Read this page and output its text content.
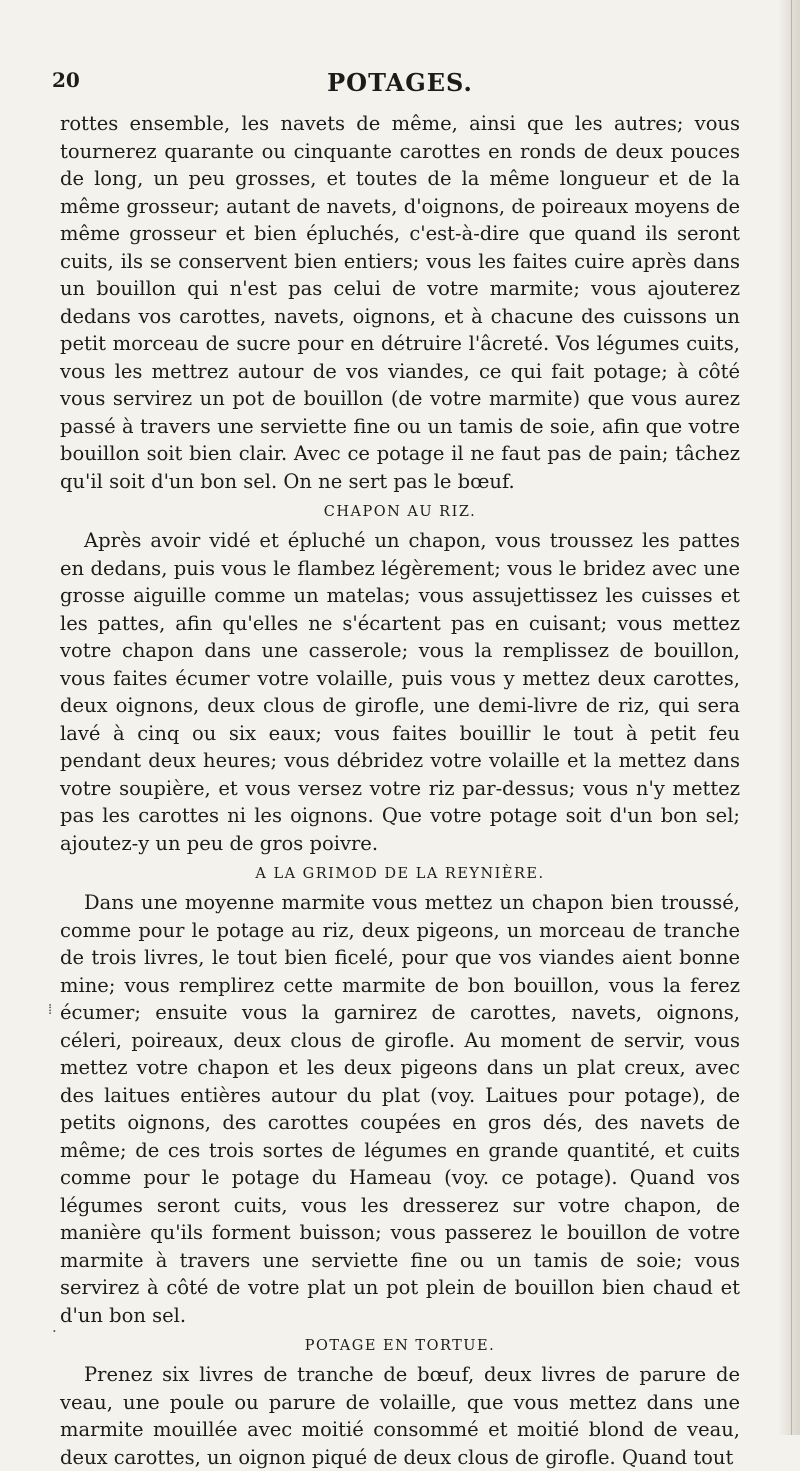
20	POTAGES.

rottes ensemble, les navets de même, ainsi que les autres; vous tournerez quarante ou cinquante carottes en ronds de deux pouces de long, un peu grosses, et toutes de la même longueur et de la même grosseur; autant de navets, d'oignons, de poireaux moyens de même grosseur et bien épluchés, c'est-à-dire que quand ils seront cuits, ils se conservent bien entiers; vous les faites cuire après dans un bouillon qui n'est pas celui de votre marmite; vous ajouterez dedans vos carottes, navets, oignons, et à chacune des cuissons un petit morceau de sucre pour en détruire l'âcreté. Vos légumes cuits, vous les mettrez autour de vos viandes, ce qui fait potage; à côté vous servirez un pot de bouillon (de votre marmite) que vous aurez passé à travers une serviette fine ou un tamis de soie, afin que votre bouillon soit bien clair. Avec ce potage il ne faut pas de pain; tâchez qu'il soit d'un bon sel. On ne sert pas le bœuf.

CHAPON AU RIZ.

Après avoir vidé et épluché un chapon, vous troussez les pattes en dedans, puis vous le flambez légèrement; vous le bridez avec une grosse aiguille comme un matelas; vous assujettissez les cuisses et les pattes, afin qu'elles ne s'écartent pas en cuisant; vous mettez votre chapon dans une casserole; vous la remplissez de bouillon, vous faites écumer votre volaille, puis vous y mettez deux carottes, deux oignons, deux clous de girofle, une demi-livre de riz, qui sera lavé à cinq ou six eaux; vous faites bouillir le tout à petit feu pendant deux heures; vous débridez votre volaille et la mettez dans votre soupière, et vous versez votre riz par-dessus; vous n'y mettez pas les carottes ni les oignons. Que votre potage soit d'un bon sel; ajoutez-y un peu de gros poivre.

A LA GRIMOD DE LA REYNIÈRE.

Dans une moyenne marmite vous mettez un chapon bien troussé, comme pour le potage au riz, deux pigeons, un morceau de tranche de trois livres, le tout bien ficelé, pour que vos viandes aient bonne mine; vous remplirez cette marmite de bon bouillon, vous la ferez écumer; ensuite vous la garnirez de carottes, navets, oignons, céleri, poireaux, deux clous de girofle. Au moment de servir, vous mettez votre chapon et les deux pigeons dans un plat creux, avec des laitues entières autour du plat (voy. Laitues pour potage), de petits oignons, des carottes coupées en gros dés, des navets de même; de ces trois sortes de légumes en grande quantité, et cuits comme pour le potage du Hameau (voy. ce potage). Quand vos légumes seront cuits, vous les dresserez sur votre chapon, de manière qu'ils forment buisson; vous passerez le bouillon de votre marmite à travers une serviette fine ou un tamis de soie; vous servirez à côté de votre plat un pot plein de bouillon bien chaud et d'un bon sel.

POTAGE EN TORTUE.

Prenez six livres de tranche de bœuf, deux livres de parure de veau, une poule ou parure de volaille, que vous mettez dans une marmite mouillée avec moitié consommé et moitié blond de veau, deux carottes, un oignon piqué de deux clous de girofle. Quand tout

⁞
·
